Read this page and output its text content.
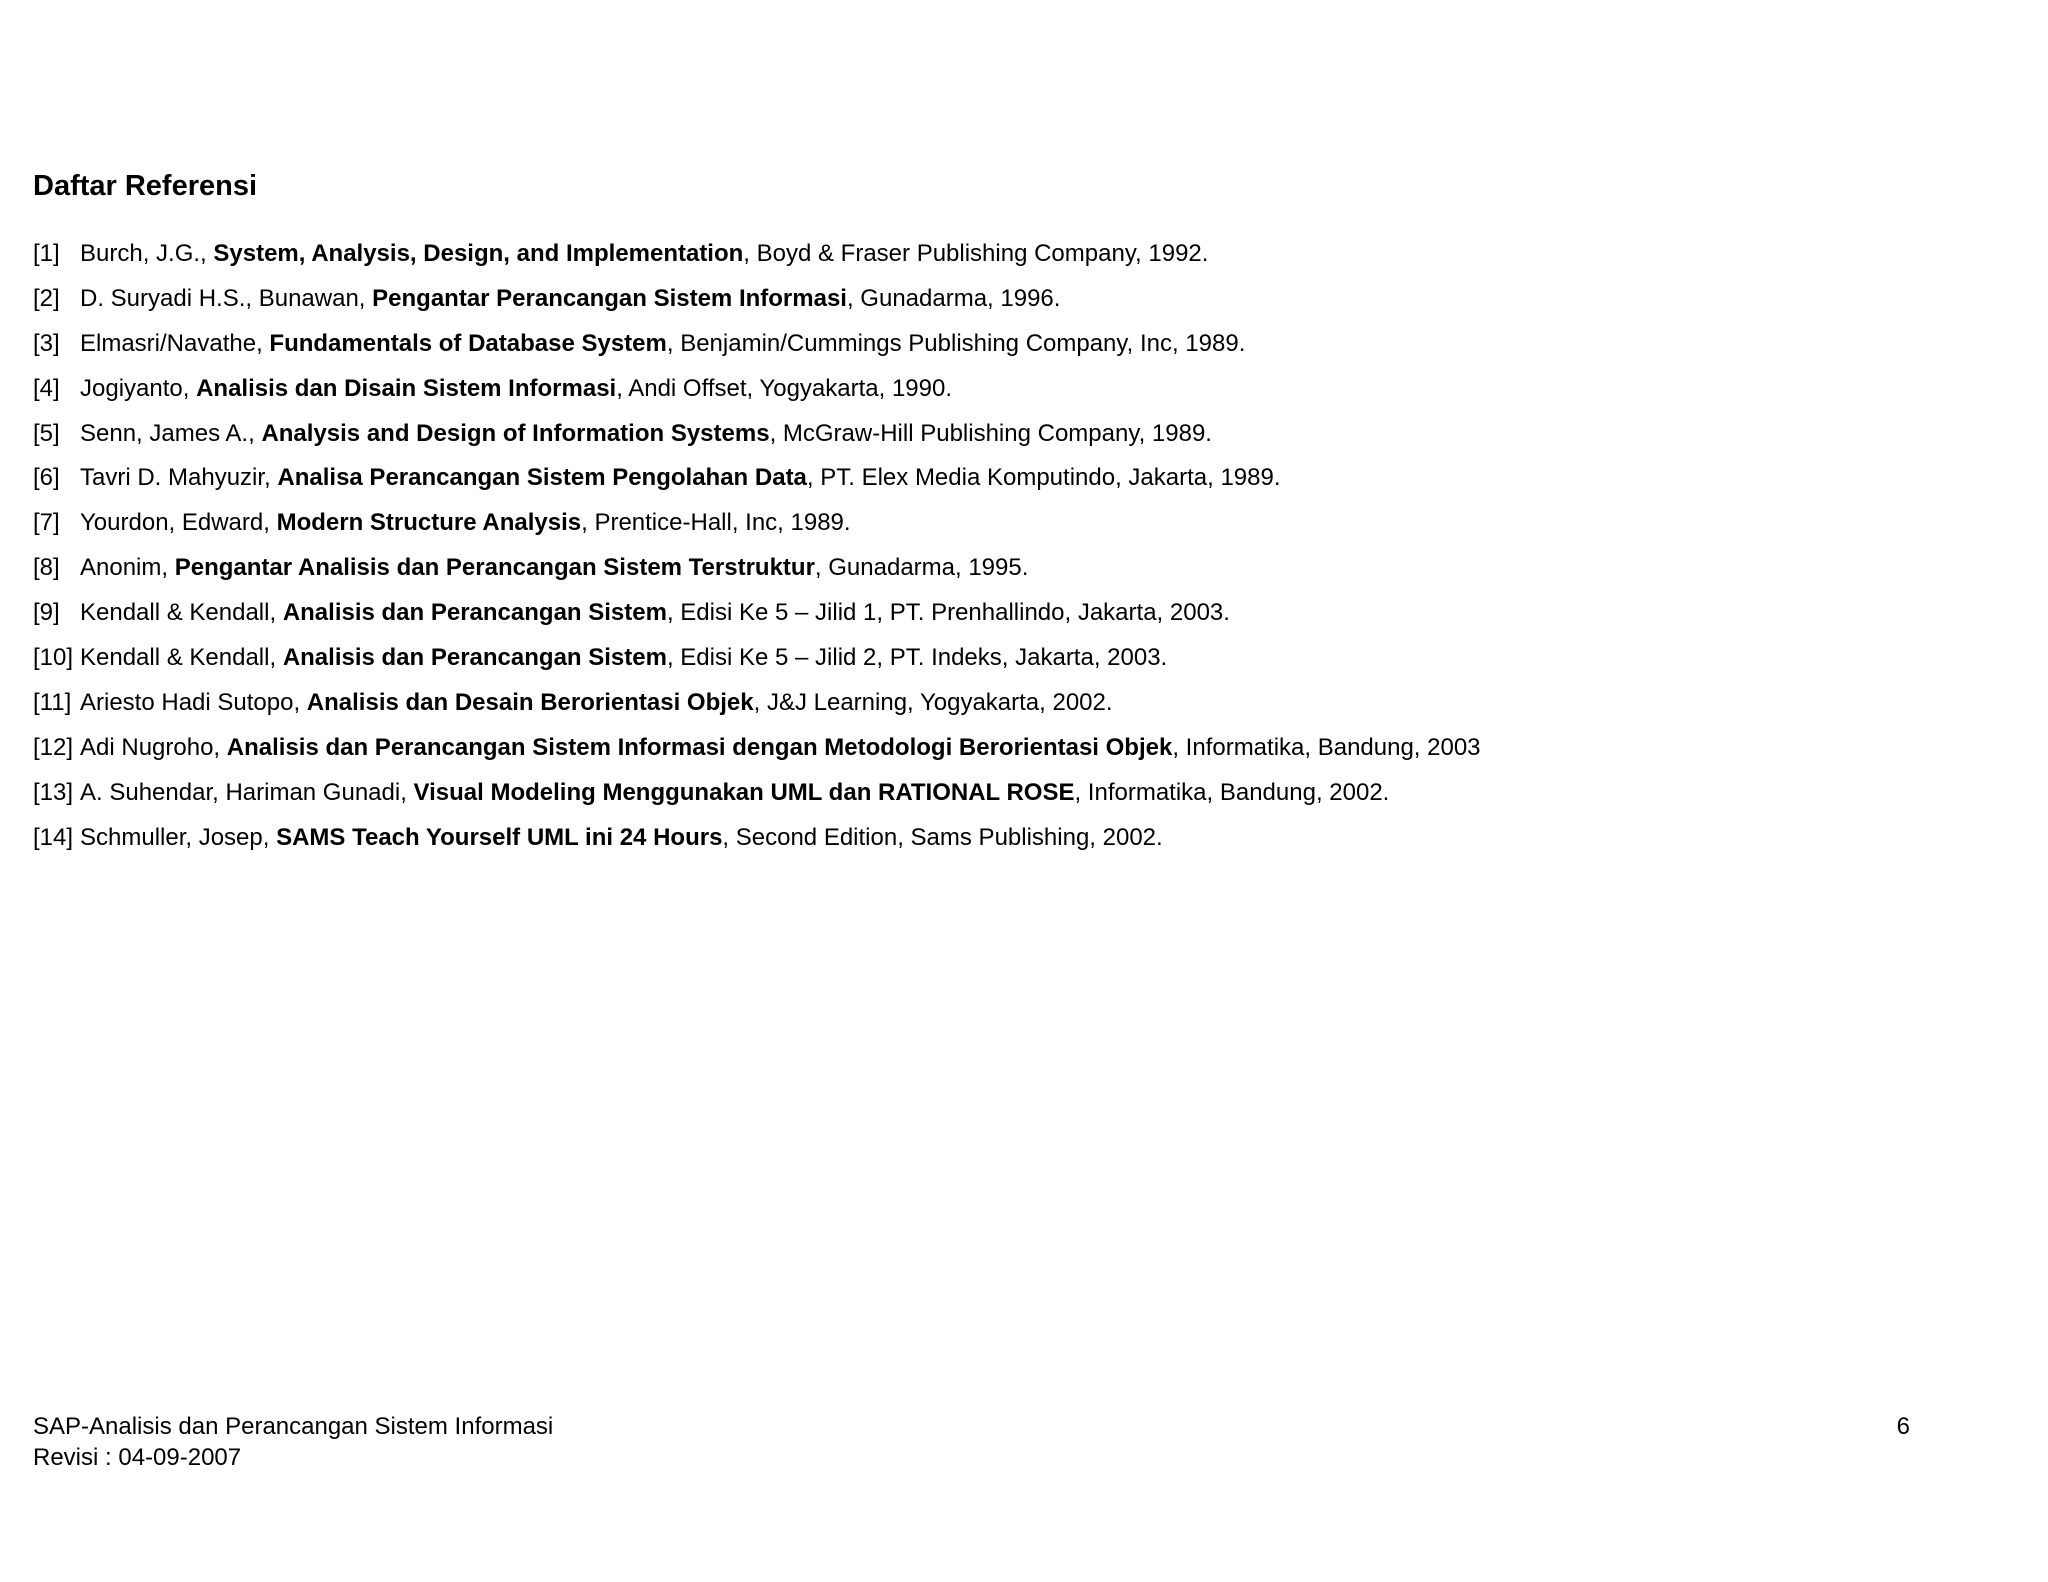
Daftar Referensi
[1] Burch, J.G., System, Analysis, Design, and Implementation, Boyd & Fraser Publishing Company, 1992.
[2] D. Suryadi H.S., Bunawan, Pengantar Perancangan Sistem Informasi, Gunadarma, 1996.
[3] Elmasri/Navathe, Fundamentals of Database System, Benjamin/Cummings Publishing Company, Inc, 1989.
[4] Jogiyanto, Analisis dan Disain Sistem Informasi, Andi Offset, Yogyakarta, 1990.
[5] Senn, James A., Analysis and Design of Information Systems, McGraw-Hill Publishing Company, 1989.
[6] Tavri D. Mahyuzir, Analisa Perancangan Sistem Pengolahan Data, PT. Elex Media Komputindo, Jakarta, 1989.
[7] Yourdon, Edward, Modern Structure Analysis, Prentice-Hall, Inc, 1989.
[8] Anonim, Pengantar Analisis dan Perancangan Sistem Terstruktur, Gunadarma, 1995.
[9] Kendall & Kendall, Analisis dan Perancangan Sistem, Edisi Ke 5 – Jilid 1, PT. Prenhallindo, Jakarta, 2003.
[10] Kendall & Kendall, Analisis dan Perancangan Sistem, Edisi Ke 5 – Jilid 2, PT. Indeks, Jakarta, 2003.
[11] Ariesto Hadi Sutopo, Analisis dan Desain Berorientasi Objek, J&J Learning, Yogyakarta, 2002.
[12] Adi Nugroho, Analisis dan Perancangan Sistem Informasi dengan Metodologi Berorientasi Objek, Informatika, Bandung, 2003
[13] A. Suhendar, Hariman Gunadi, Visual Modeling Menggunakan UML dan RATIONAL ROSE, Informatika, Bandung, 2002.
[14] Schmuller, Josep, SAMS Teach Yourself UML ini 24 Hours, Second Edition, Sams Publishing, 2002.
SAP-Analisis dan Perancangan Sistem Informasi
Revisi : 04-09-2007
6
